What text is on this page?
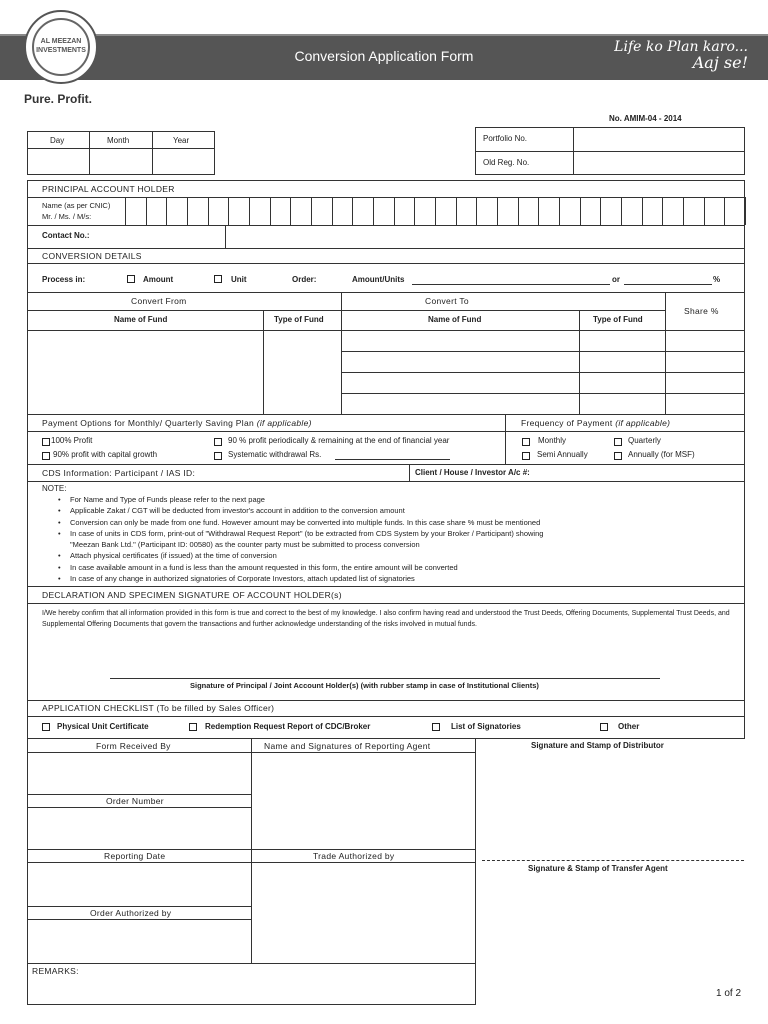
AL MEEZAN INVESTMENTS	Conversion Application Form
Life ko Plan karo...
Aaj se!
Pure. Profit.
No. AMIM-04 - 2014
Day	Month	Year	Portfolio No.
Old Reg. No.
PRINCIPAL ACCOUNT HOLDER
Name (as per CNIC)
Mr. / Ms. / M/s:
Contact No.:
CONVERSION DETAILS
Process in:	Amount	Unit	Order:	Amount/Units	or	%
Convert From	Convert To
Share %
Name of Fund	Type of Fund	Name of Fund	Type of Fund
Payment Options for Monthly/ Quarterly Saving Plan (if applicable)	Frequency of Payment (if applicable)
100% Profit	90 % profit periodically & remaining at the end of financial year
90% profit with capital growth	Systematic withdrawal Rs.
Monthly	Quarterly
Semi Annually	Annually (for MSF)
CDS Information: Participant / IAS ID:	Client / House / Investor A/c #:
NOTE:
• For Name and Type of Funds please refer to the next page
• Applicable Zakat / CGT will be deducted from investor's account in addition to the conversion amount
• Conversion can only be made from one fund. However amount may be converted into multiple funds. In this case share % must be mentioned
• In case of units in CDS form, print-out of "Withdrawal Request Report" (to be extracted from CDS System by your Broker / Participant) showing
"Meezan Bank Ltd." (Participant ID: 00580) as the counter party must be submitted to process conversion
• Attach physical certificates (if issued) at the time of conversion
• In case available amount in a fund is less than the amount requested in this form, the entire amount will be converted
• In case of any change in authorized signatories of Corporate Investors, attach updated list of signatories
DECLARATION AND SPECIMEN SIGNATURE OF ACCOUNT HOLDER(s)
I/We hereby confirm that all information provided in this form is true and correct to the best of my knowledge. I also confirm having read and understood the Trust Deeds, Offering Documents, Supplemental Trust Deeds, and Supplemental Offering Documents that govern the transactions and further acknowledge understanding of the risks involved in mutual funds.
Signature of Principal / Joint Account Holder(s) (with rubber stamp in case of Institutional Clients)
APPLICATION CHECKLIST (To be filled by Sales Officer)
Physical Unit Certificate	Redemption Request Report of CDC/Broker	List of Signatories	Other
Form Received By	Name and Signatures of Reporting Agent	Signature and Stamp of Distributor
Order Number
Reporting Date	Trade Authorized by
Order Authorized by
REMARKS:
Signature & Stamp of Transfer Agent
1 of 2
